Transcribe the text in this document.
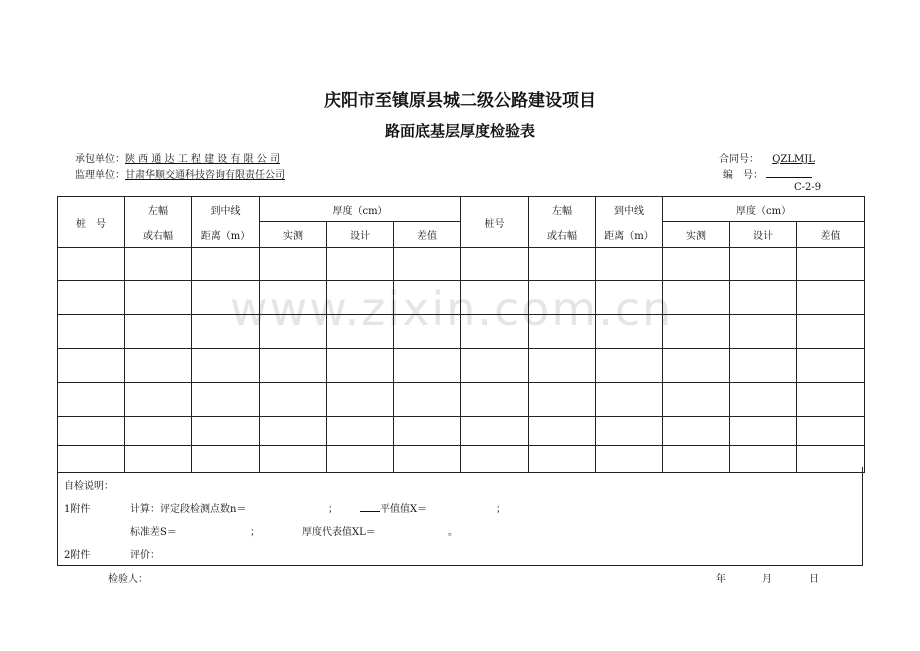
www.zixin.com.cn
庆阳市至镇原县城二级公路建设项目
路面底基层厚度检验表
承包单位：陕 西 通 达 工 程 建 设 有 限 公 司
监理单位：甘肃华顺交通科技咨询有限责任公司
合同号： QZLMJL
编　号：
C-2-9
桩　号	左幅	到中线	厚度（cm）			桩号	左幅	到中线	厚度（cm）		
	或右幅	距离（m）	实测	设计	差值		或右幅	距离（m）	实测	设计	差值

自检说明：
1附件	计算：评定段检测点数n＝	；	平值值X＝	；
标准差S＝	；	厚度代表值XL＝	。
2附件	评价：
检验人：	年	月	日
